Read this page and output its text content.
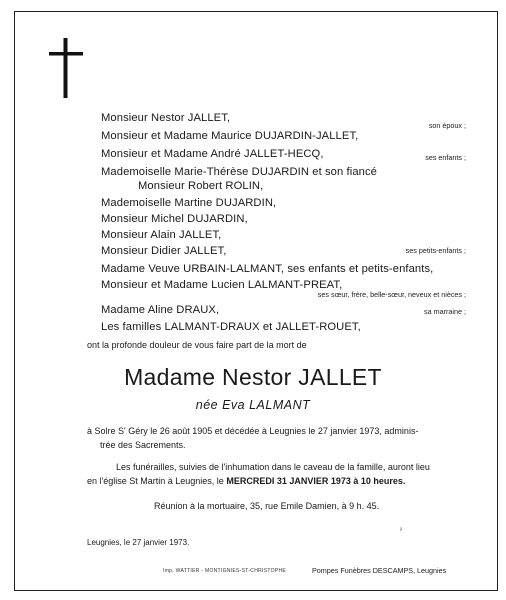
Monsieur Nestor JALLET,
Monsieur et Madame Maurice DUJARDIN-JALLET,
Monsieur et Madame André JALLET-HECQ,
Mademoiselle Marie-Thérèse DUJARDIN et son fiancé
Monsieur Robert ROLIN,
Mademoiselle Martine DUJARDIN,
Monsieur Michel DUJARDIN,
Monsieur Alain JALLET,
Monsieur Didier JALLET,
Madame Veuve URBAIN-LALMANT, ses enfants et petits-enfants,
Monsieur et Madame Lucien LALMANT-PREAT,
Madame Aline DRAUX,
Les familles LALMANT-DRAUX et JALLET-ROUET,
son époux ;
ses enfants ;
ses petits-enfants ;
ses sœur, frère, belle-sœur, neveux et nièces ;
sa marraine ;
ont la profonde douleur de vous faire part de la mort de
Madame Nestor JALLET
née Eva LALMANT
à Solre S' Géry le 26 août 1905 et décédée à Leugnies le 27 janvier 1973, adminis-
trée des Sacrements.
Les funérailles, suivies de l'inhumation dans le caveau de la famille, auront lieu
en l'église St Martin à Leugnies, le MERCREDI 31 JANVIER 1973 à 10 heures.
Réunion à la mortuaire, 35, rue Emile Damien, à 9 h. 45.
²
Leugnies, le 27 janvier 1973.
Imp. WATTIER - MONTIGNIES-ST-CHRISTOPHE	Pompes Funèbres DESCAMPS, Leugnies
